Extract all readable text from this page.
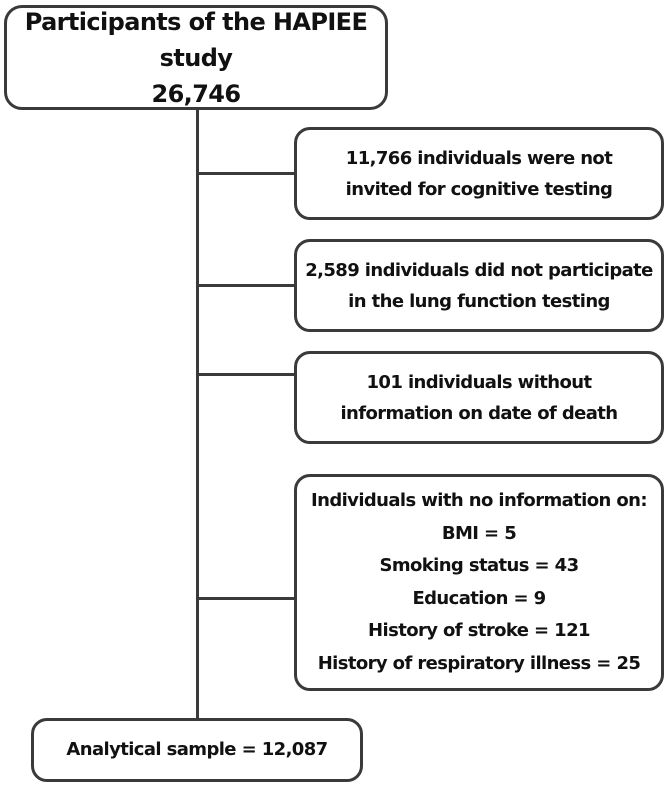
Participants of the HAPIEE study
26,746
11,766 individuals were not
invited for cognitive testing
2,589 individuals did not participate
in the lung function testing
101 individuals without
information on date of death
Individuals with no information on:
BMI = 5
Smoking status = 43
Education = 9
History of stroke = 121
History of respiratory illness = 25
Analytical sample = 12,087
